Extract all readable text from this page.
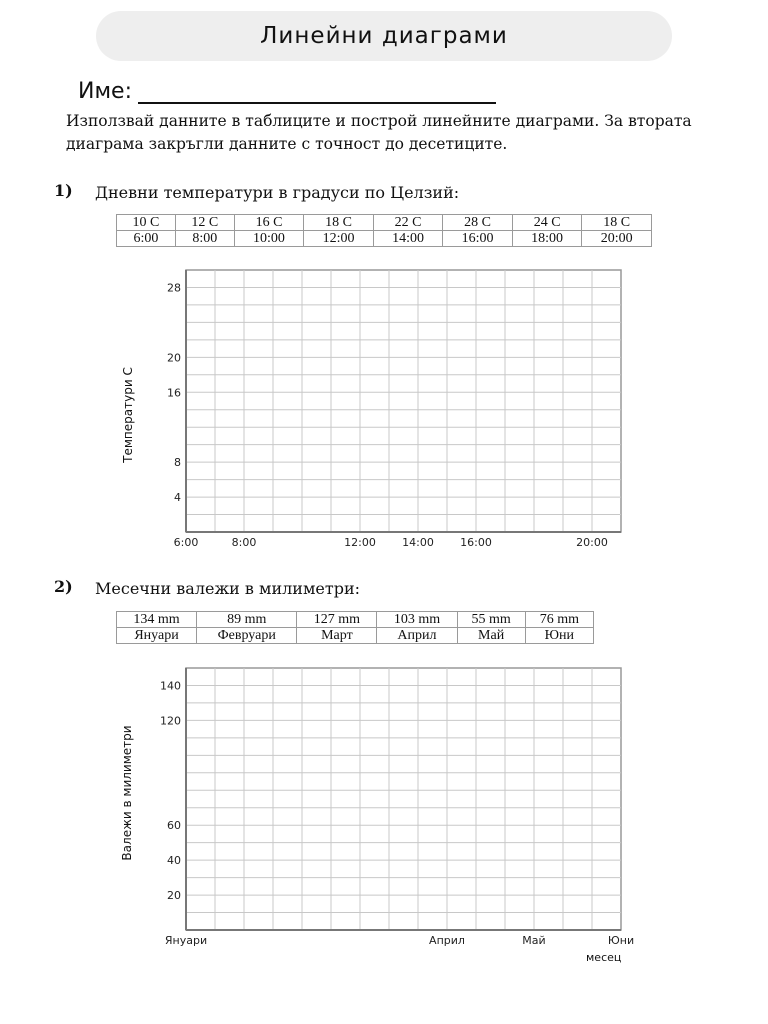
Линейни диаграми
Име:
Използвай данните в таблиците и построй линейните диаграми. За втората диаграма закръгли данните с точност до десетиците.
1) Дневни температури в градуси по Целзий:
10 C	12 C	16 C	18 C	22 C	28 C	24 C	18 C
6:00	8:00	10:00	12:00	14:00	16:00	18:00	20:00
Температури С
4
8
16
20
28
6:00	8:00	12:00 14:00 16:00	20:00
2) Месечни валежи в милиметри:
134 mm	89 mm	127 mm	103 mm	55 mm	76 mm
Януари	Февруари	Март	Април	Май	Юни
Валежи в милиметри
20
40
60
120
140
Януари	Април	Май	Юни
месец
